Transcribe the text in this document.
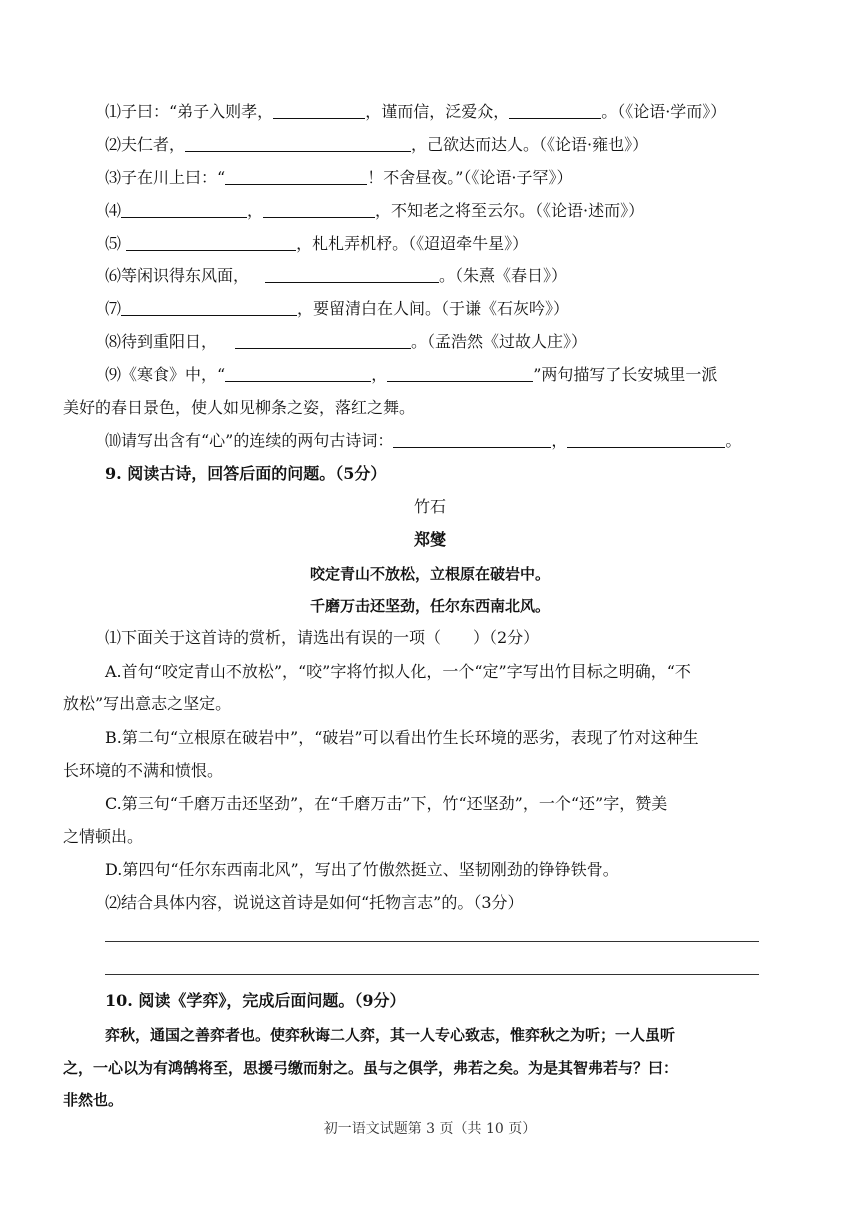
⑴子曰：“弟子入则孝，	，谨而信，泛爱众，	。（《论语·学而》）

⑵夫仁者，	，己欲达而达人。（《论语·雍也》）

⑶子在川上曰：“	！不舍昼夜。”（《论语·子罕》）

⑷	，	，不知老之将至云尔。（《论语·述而》）

⑸	，札札弄机杼。（《迢迢牵牛星》）

⑹等闲识得东风面，	。（朱熹《春日》）

⑺	，要留清白在人间。（于谦《石灰吟》）

⑻待到重阳日，	。（孟浩然《过故人庄》）

⑼《寒食》中，“	，	”两句描写了长安城里一派

美好的春日景色，使人如见柳条之姿，落红之舞。

⑽请写出含有“心”的连续的两句古诗词：	，	。

9. 阅读古诗，回答后面的问题。（5分）

竹石

郑燮

咬定青山不放松，立根原在破岩中。

千磨万击还坚劲，任尔东西南北风。

⑴下面关于这首诗的赏析，请选出有误的一项（　　）（2分）

A.首句“咬定青山不放松”，“咬”字将竹拟人化，一个“定”字写出竹目标之明确，“不

放松”写出意志之坚定。

B.第二句“立根原在破岩中”，“破岩”可以看出竹生长环境的恶劣，表现了竹对这种生

长环境的不满和愤恨。

C.第三句“千磨万击还坚劲”，在“千磨万击”下，竹“还坚劲”，一个“还”字，赞美

之情顿出。

D.第四句“任尔东西南北风”，写出了竹傲然挺立、坚韧刚劲的铮铮铁骨。

⑵结合具体内容，说说这首诗是如何“托物言志”的。（3分）

10. 阅读《学弈》，完成后面问题。（9分）

弈秋，通国之善弈者也。使弈秋诲二人弈，其一人专心致志，惟弈秋之为听；一人虽听

之，一心以为有鸿鹄将至，思援弓缴而射之。虽与之俱学，弗若之矣。为是其智弗若与？曰：

非然也。

初一语文试题第 3 页（共 10 页）
